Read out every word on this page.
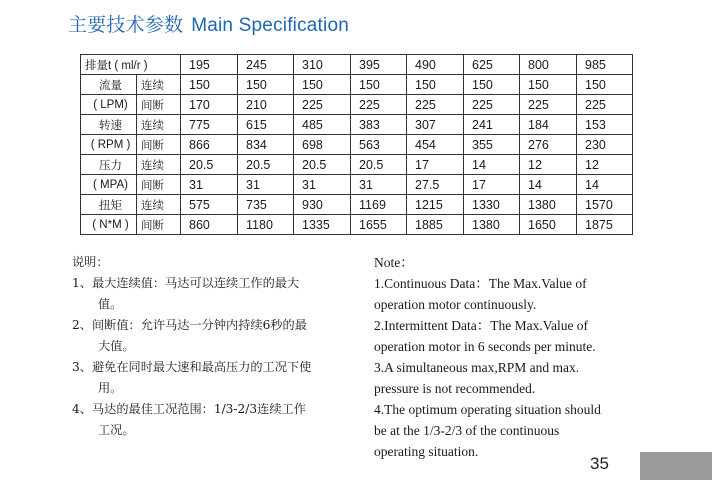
主要技术参数 Main Specification
排量t ( ml/r )		195	245	310	395	490	625	800	985

流量	连续	150	150	150	150	150	150	150	150

( LPM)	间断	170	210	225	225	225	225	225	225

转速	连续	775	615	485	383	307	241	184	153

( RPM )	间断	866	834	698	563	454	355	276	230

压力	连续	20.5	20.5	20.5	20.5	17	14	12	12

( MPA)	间断	31	31	31	31	27.5	17	14	14

扭矩	连续	575	735	930	1169	1215	1330	1380	1570

( N*M )	间断	860	1180	1335	1655	1885	1380	1650	1875
说明：
1、最大连续值：马达可以连续工作的最大
值。
2、间断值：允许马达一分钟内持续6秒的最
大值。
3、避免在同时最大速和最高压力的工况下使
用。
4、马达的最佳工况范围：1/3-2/3连续工作
工况。
Note：
1.Continuous Data：The Max.Value of
operation motor continuously.
2.Intermittent Data：The Max.Value of
operation motor in 6 seconds per minute.
3.A simultaneous max,RPM and max.
pressure is not recommended.
4.The optimum operating situation should
be at the 1/3-2/3 of the continuous
operating situation.
35
